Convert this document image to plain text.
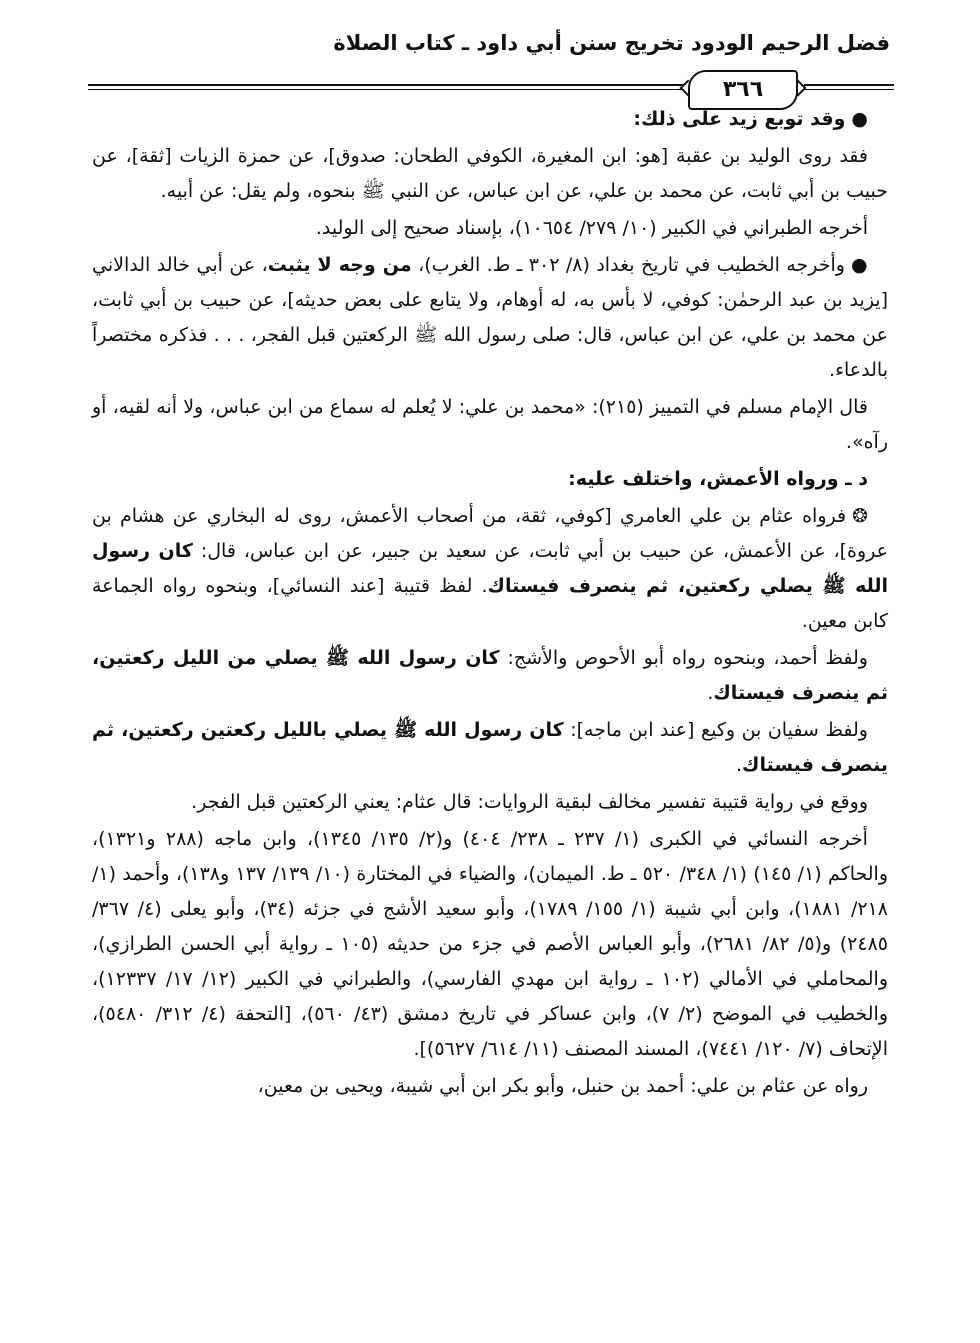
فضل الرحيم الودود تخريج سنن أبي داود ـ كتاب الصلاة
٣٦٦

●وقد توبع زيد على ذلك:

فقد روى الوليد بن عقبة [هو: ابن المغيرة، الكوفي الطحان: صدوق]، عن حمزة الزيات [ثقة]، عن حبيب بن أبي ثابت، عن محمد بن علي، عن ابن عباس، عن النبي ﷺ بنحوه، ولم يقل: عن أبيه.

أخرجه الطبراني في الكبير (١٠/ ٢٧٩/ ١٠٦٥٤)، بإسناد صحيح إلى الوليد.

●وأخرجه الخطيب في تاريخ بغداد (٨/ ٣٠٢ ـ ط. الغرب)، من وجه لا يثبت، عن أبي خالد الدالاني [يزيد بن عبد الرحمٰن: كوفي، لا بأس به، له أوهام، ولا يتابع على بعض حديثه]، عن حبيب بن أبي ثابت، عن محمد بن علي، عن ابن عباس، قال: صلى رسول الله ﷺ الركعتين قبل الفجر، . . . فذكره مختصراً بالدعاء.

قال الإمام مسلم في التمييز (٢١٥): «محمد بن علي: لا يُعلم له سماع من ابن عباس، ولا أنه لقيه، أو رآه».

د ـ ورواه الأعمش، واختلف عليه:

❂فرواه عثام بن علي العامري [كوفي، ثقة، من أصحاب الأعمش، روى له البخاري عن هشام بن عروة]، عن الأعمش، عن حبيب بن أبي ثابت، عن سعيد بن جبير، عن ابن عباس، قال: كان رسول الله ﷺ يصلي ركعتين، ثم ينصرف فيستاك. لفظ قتيبة [عند النسائي]، وبنحوه رواه الجماعة كابن معين.

ولفظ أحمد، وبنحوه رواه أبو الأحوص والأشج: كان رسول الله ﷺ يصلي من الليل ركعتين، ثم ينصرف فيستاك.

ولفظ سفيان بن وكيع [عند ابن ماجه]: كان رسول الله ﷺ يصلي بالليل ركعتين ركعتين، ثم ينصرف فيستاك.

ووقع في رواية قتيبة تفسير مخالف لبقية الروايات: قال عثام: يعني الركعتين قبل الفجر.

أخرجه النسائي في الكبرى (١/ ٢٣٧ ـ ٢٣٨/ ٤٠٤) و(٢/ ١٣٥/ ١٣٤٥)، وابن ماجه (٢٨٨ و١٣٢١)، والحاكم (١/ ١٤٥) (١/ ٣٤٨/ ٥٢٠ ـ ط. الميمان)، والضياء في المختارة (١٠/ ١٣٩/ ١٣٧ و١٣٨)، وأحمد (١/ ٢١٨/ ١٨٨١)، وابن أبي شيبة (١/ ١٥٥/ ١٧٨٩)، وأبو سعيد الأشج في جزئه (٣٤)، وأبو يعلى (٤/ ٣٦٧/ ٢٤٨٥) و(٥/ ٨٢/ ٢٦٨١)، وأبو العباس الأصم في جزء من حديثه (١٠٥ ـ رواية أبي الحسن الطرازي)، والمحاملي في الأمالي (١٠٢ ـ رواية ابن مهدي الفارسي)، والطبراني في الكبير (١٢/ ١٧/ ١٢٣٣٧)، والخطيب في الموضح (٢/ ٧)، وابن عساكر في تاريخ دمشق (٤٣/ ٥٦٠)، [التحفة (٤/ ٣١٢/ ٥٤٨٠)، الإتحاف (٧/ ١٢٠/ ٧٤٤١)، المسند المصنف (١١/ ٦١٤/ ٥٦٢٧)].

رواه عن عثام بن علي: أحمد بن حنبل، وأبو بكر ابن أبي شيبة، ويحيى بن معين،
